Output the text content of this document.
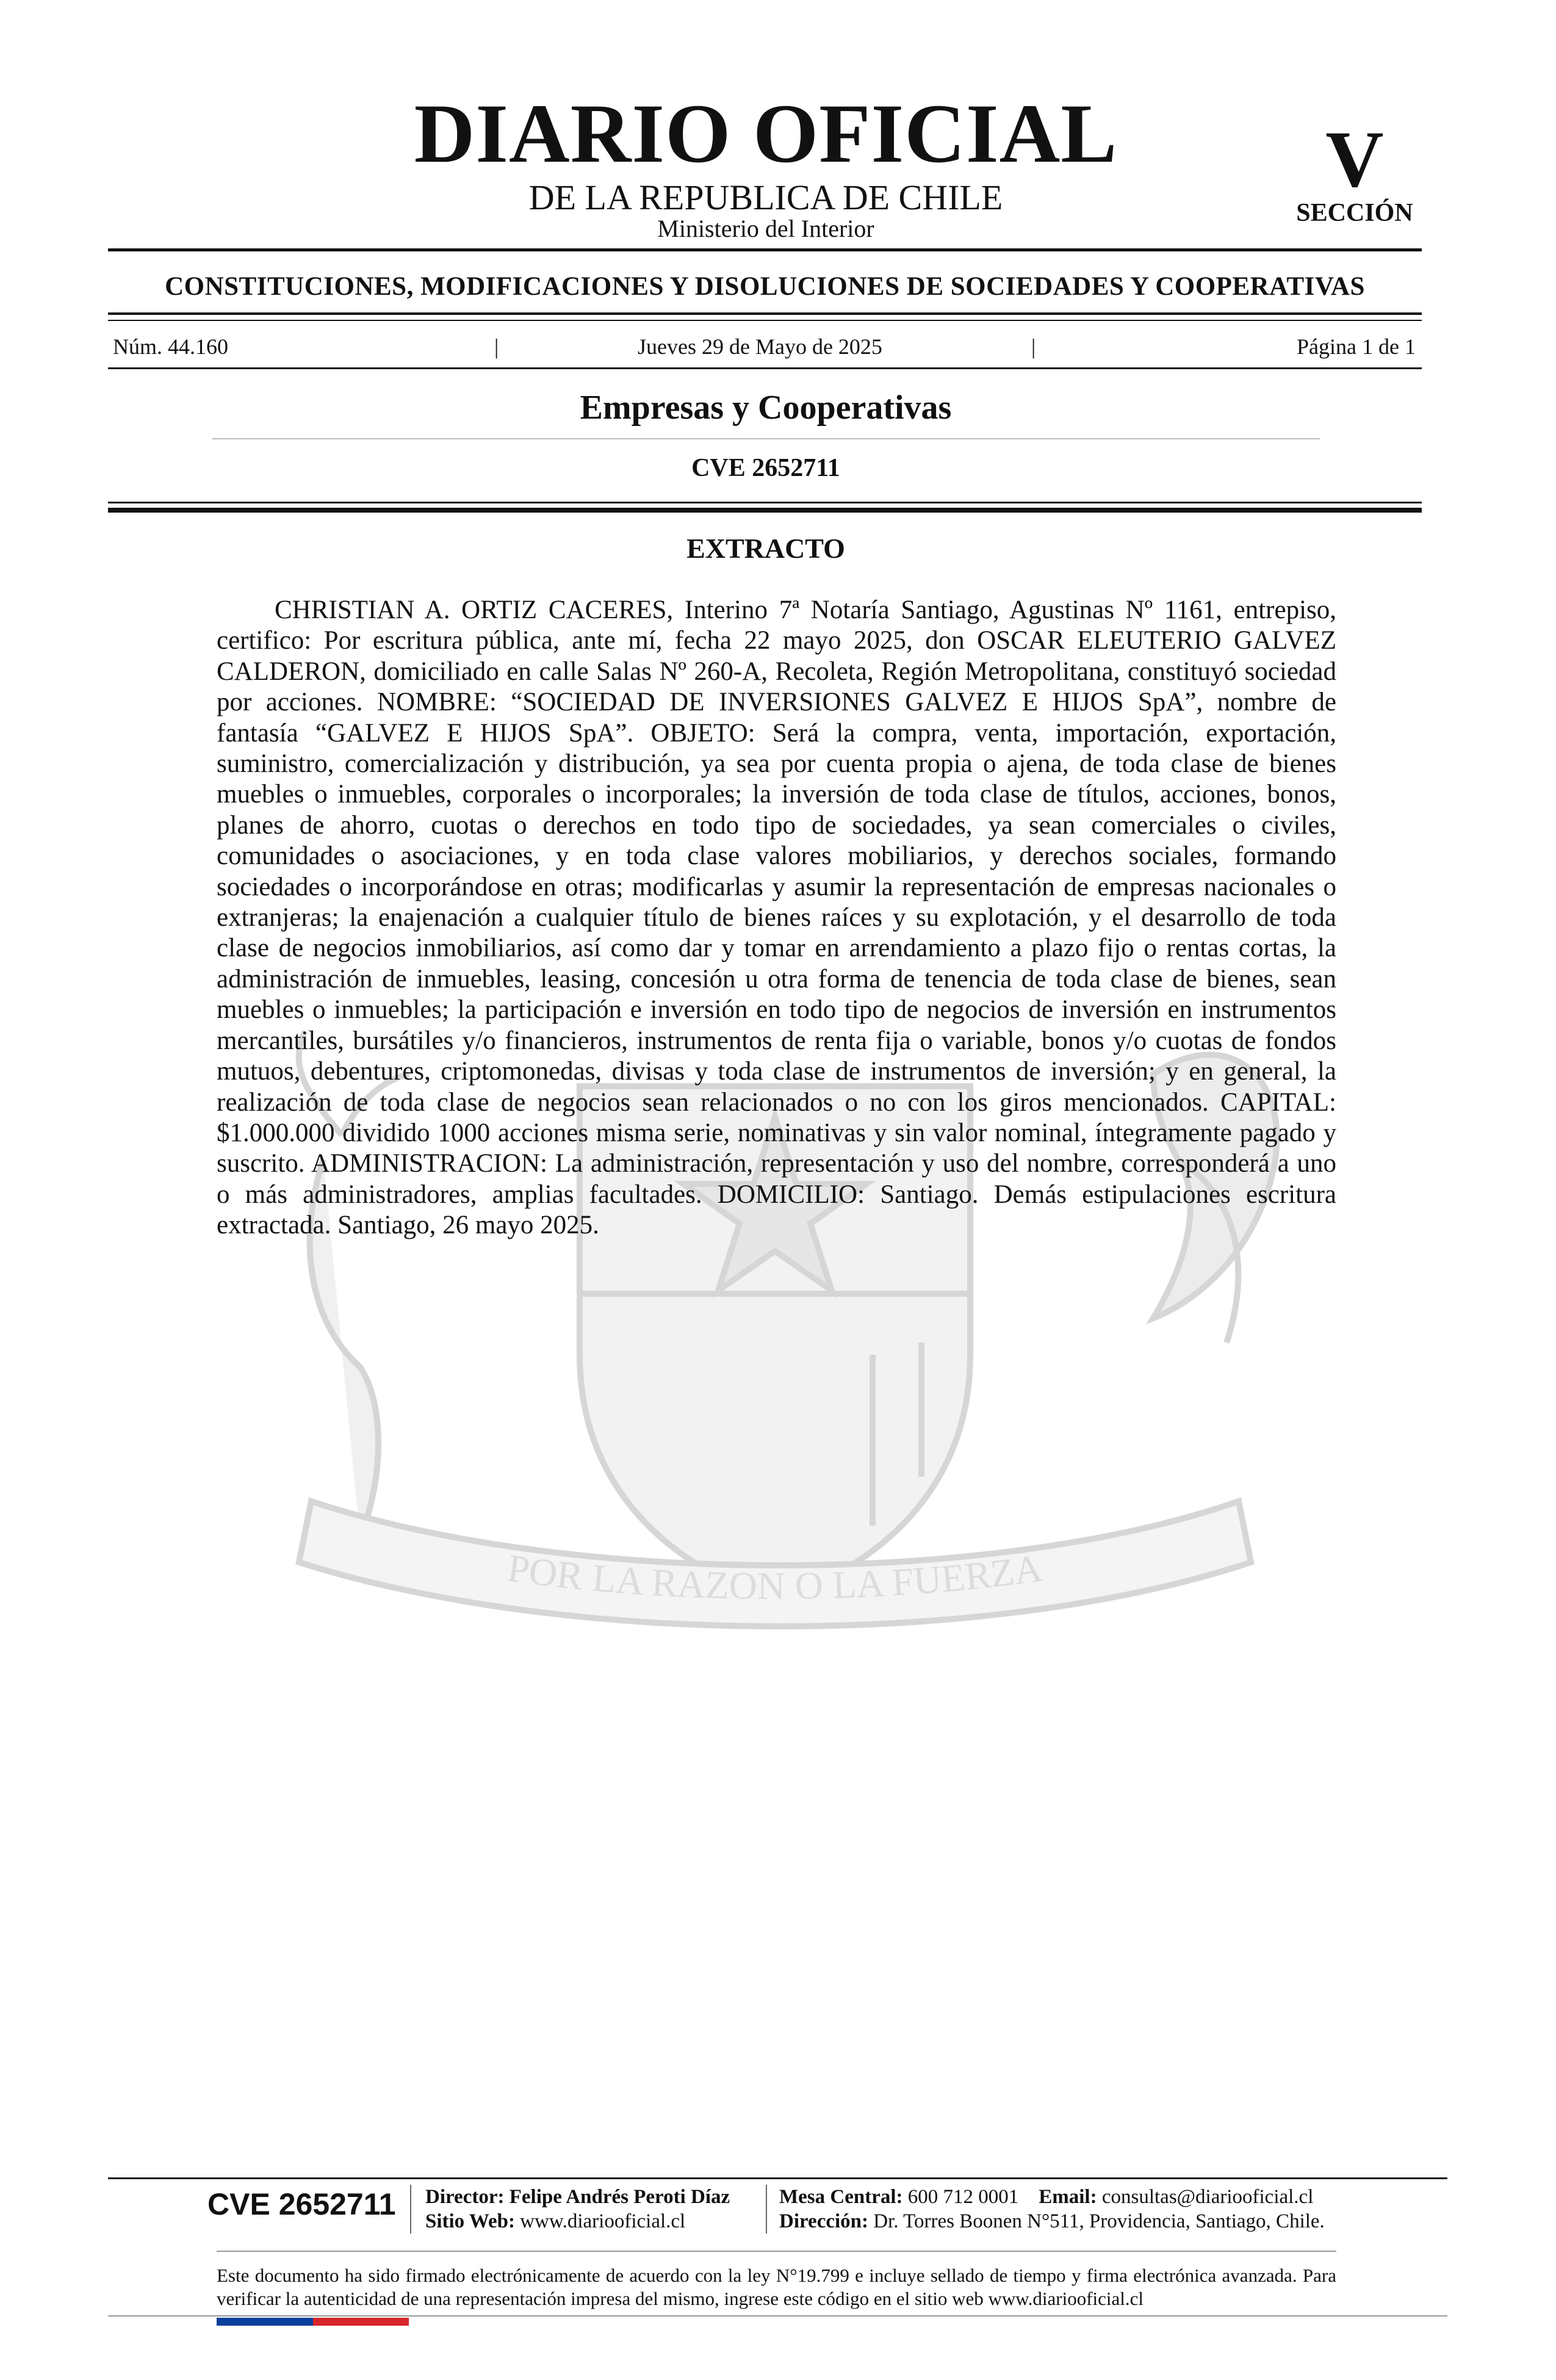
POR LA RAZON O LA FUERZA
DIARIO OFICIAL
DE LA REPUBLICA DE CHILE
Ministerio del Interior
V
SECCIÓN
CONSTITUCIONES, MODIFICACIONES Y DISOLUCIONES DE SOCIEDADES Y COOPERATIVAS
Núm. 44.160	|	Jueves 29 de Mayo de 2025	|	Página 1 de 1
Empresas y Cooperativas
CVE 2652711
EXTRACTO
CHRISTIAN A. ORTIZ CACERES, Interino 7ª Notaría Santiago, Agustinas Nº 1161, entrepiso, certifico: Por escritura pública, ante mí, fecha 22 mayo 2025, don OSCAR ELEUTERIO GALVEZ CALDERON, domiciliado en calle Salas Nº 260-A, Recoleta, Región Metropolitana, constituyó sociedad por acciones. NOMBRE: “SOCIEDAD DE INVERSIONES GALVEZ E HIJOS SpA”, nombre de fantasía “GALVEZ E HIJOS SpA”. OBJETO: Será la compra, venta, importación, exportación, suministro, comercialización y distribución, ya sea por cuenta propia o ajena, de toda clase de bienes muebles o inmuebles, corporales o incorporales; la inversión de toda clase de títulos, acciones, bonos, planes de ahorro, cuotas o derechos en todo tipo de sociedades, ya sean comerciales o civiles, comunidades o asociaciones, y en toda clase valores mobiliarios, y derechos sociales, formando sociedades o incorporándose en otras; modificarlas y asumir la representación de empresas nacionales o extranjeras; la enajenación a cualquier título de bienes raíces y su explotación, y el desarrollo de toda clase de negocios inmobiliarios, así como dar y tomar en arrendamiento a plazo fijo o rentas cortas, la administración de inmuebles, leasing, concesión u otra forma de tenencia de toda clase de bienes, sean muebles o inmuebles; la participación e inversión en todo tipo de negocios de inversión en instrumentos mercantiles, bursátiles y/o financieros, instrumentos de renta fija o variable, bonos y/o cuotas de fondos mutuos, debentures, criptomonedas, divisas y toda clase de instrumentos de inversión; y en general, la realización de toda clase de negocios sean relacionados o no con los giros mencionados. CAPITAL: $1.000.000 dividido 1000 acciones misma serie, nominativas y sin valor nominal, íntegramente pagado y suscrito. ADMINISTRACION: La administración, representación y uso del nombre, corresponderá a uno o más administradores, amplias facultades. DOMICILIO: Santiago. Demás estipulaciones escritura extractada. Santiago, 26 mayo 2025.
CVE 2652711	Director: Felipe Andrés Peroti Díaz
Sitio Web: www.diariooficial.cl
Mesa Central: 600 712 0001 Email: consultas@diariooficial.cl
Dirección: Dr. Torres Boonen N°511, Providencia, Santiago, Chile.
Este documento ha sido firmado electrónicamente de acuerdo con la ley N°19.799 e incluye sellado de tiempo y firma electrónica avanzada. Para verificar la autenticidad de una representación impresa del mismo, ingrese este código en el sitio web www.diariooficial.cl
